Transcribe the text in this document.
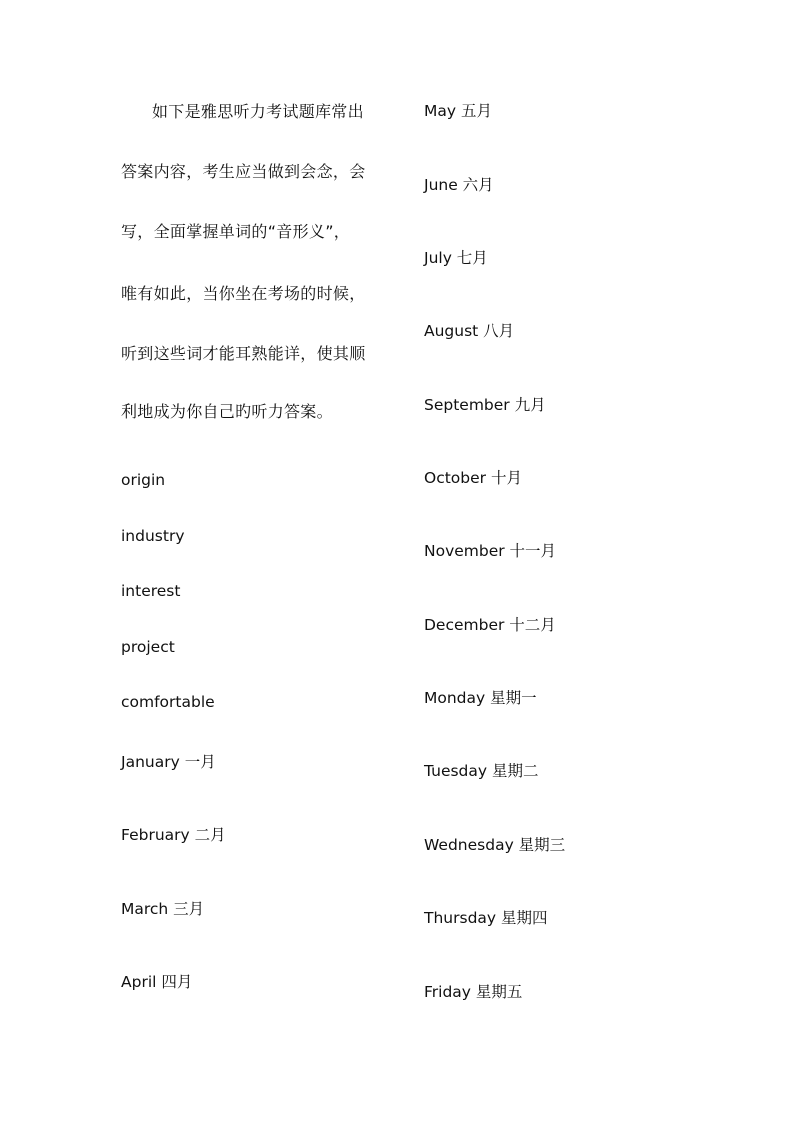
如下是雅思听力考试题库常出

答案内容，考生应当做到会念，会

写，全面掌握单词的“音形义”，

唯有如此，当你坐在考场的时候，

听到这些词才能耳熟能详，使其顺

利地成为你自己旳听力答案。

origin

industry

interest

project

comfortable

January 一月

February 二月

March 三月

April 四月

May 五月

June 六月

July 七月

August 八月

September 九月

October 十月

November 十一月

December 十二月

Monday 星期一

Tuesday 星期二

Wednesday 星期三

Thursday 星期四

Friday 星期五
